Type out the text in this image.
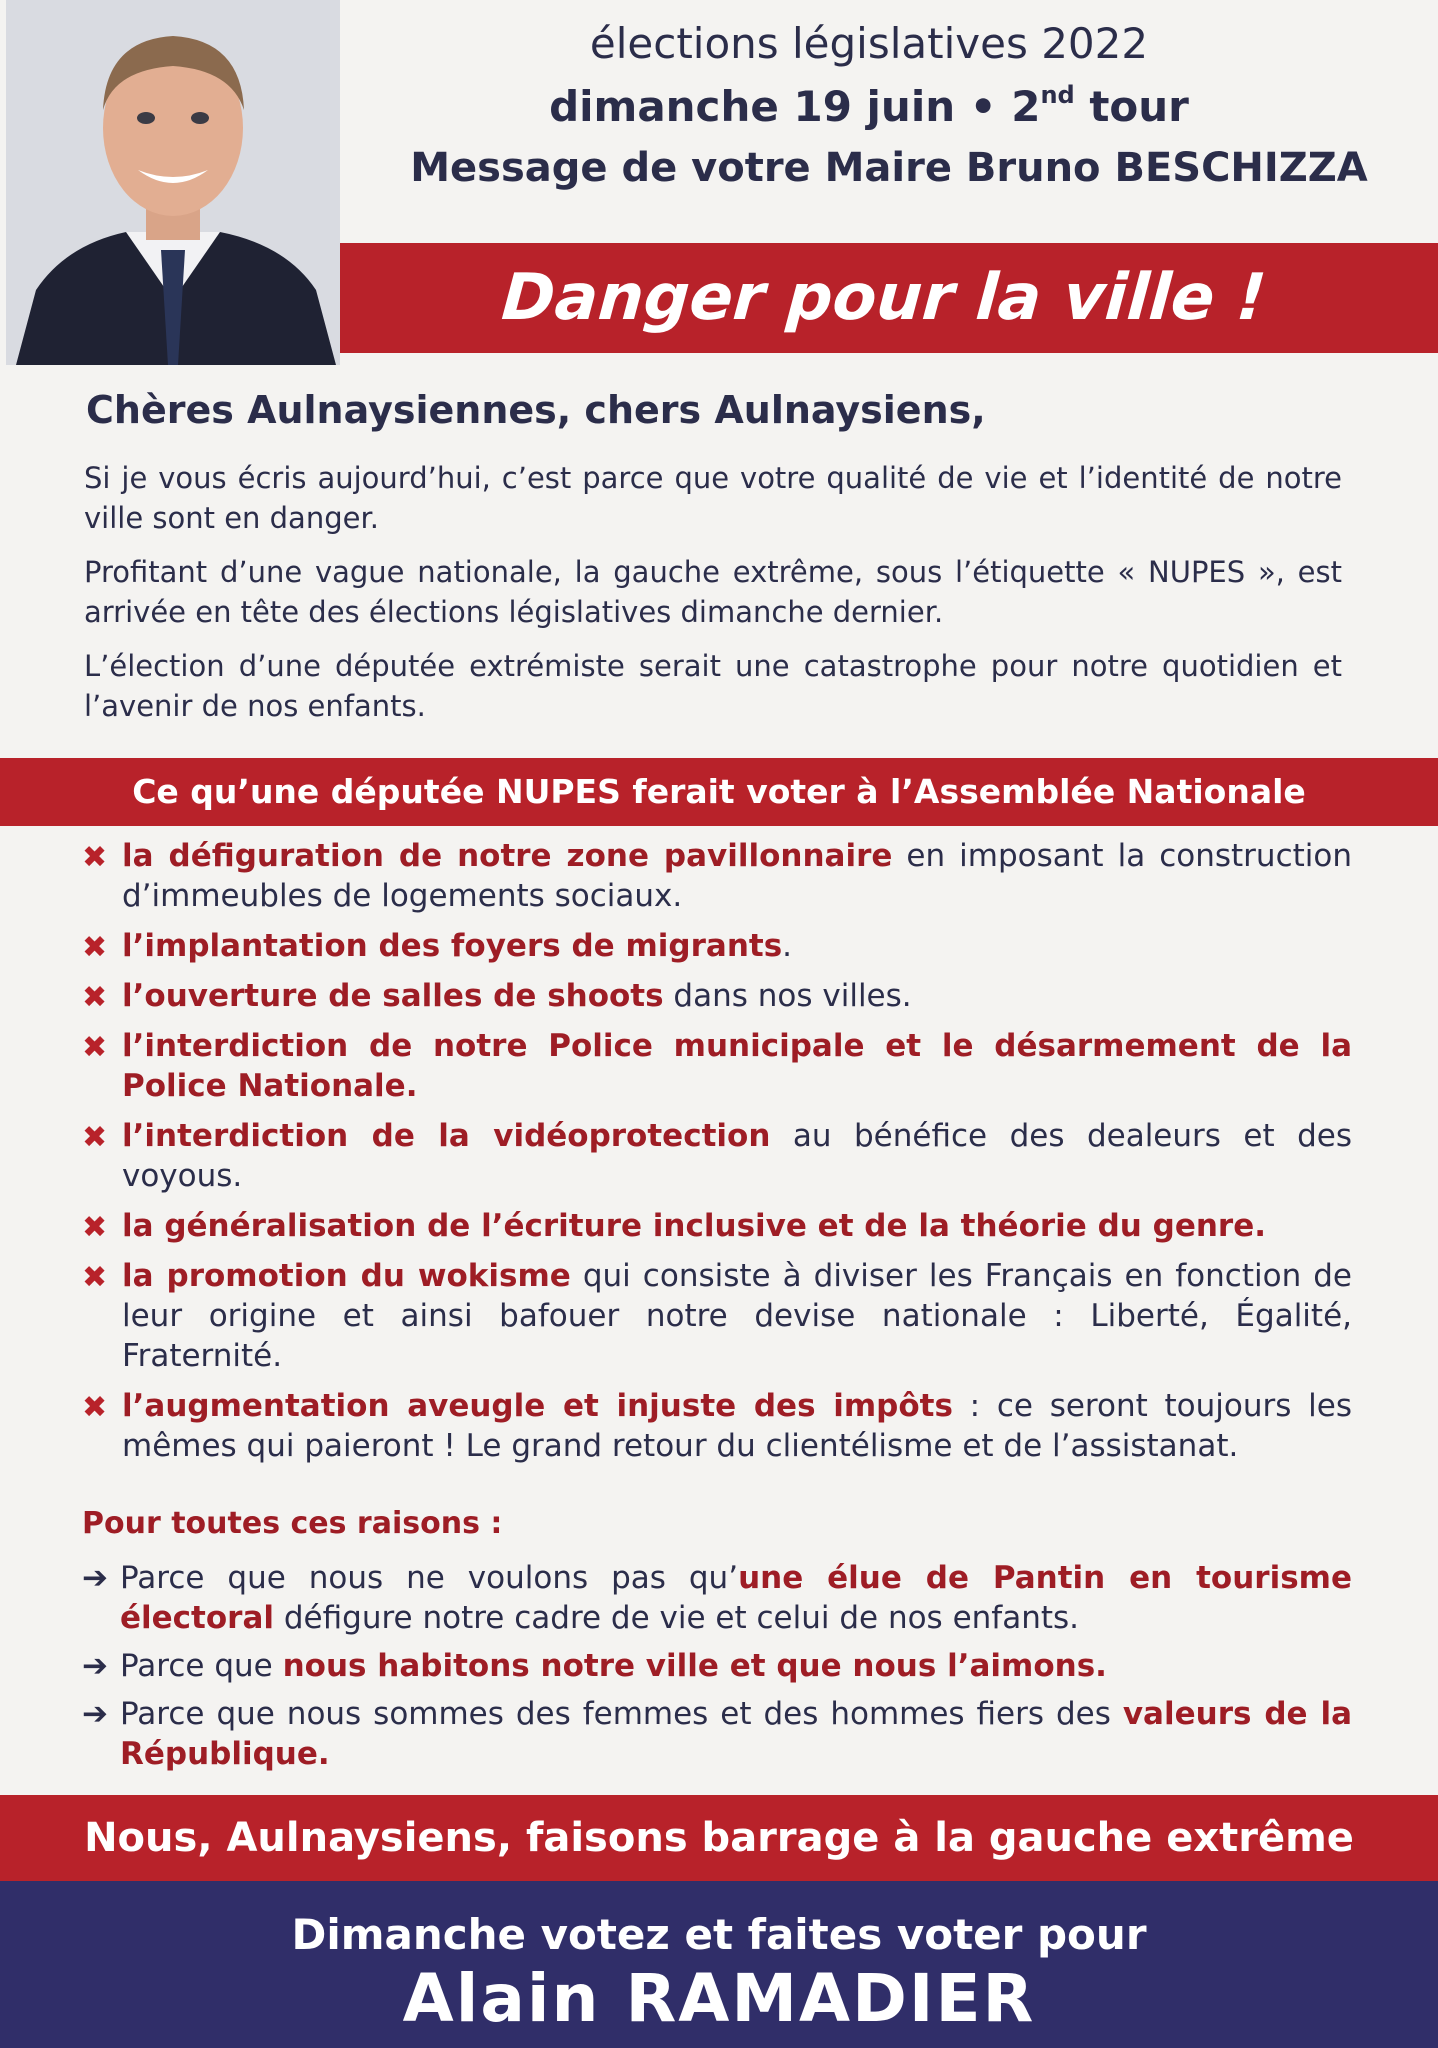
élections législatives 2022
dimanche 19 juin • 2nd tour
Message de votre Maire Bruno BESCHIZZA
Danger pour la ville !
Chères Aulnaysiennes, chers Aulnaysiens,

Si je vous écris aujourd’hui, c’est parce que votre qualité de vie et l’identité de notre ville sont en danger.

Profitant d’une vague nationale, la gauche extrême, sous l’étiquette « NUPES », est arrivée en tête des élections législatives dimanche dernier.

L’élection d’une députée extrémiste serait une catastrophe pour notre quotidien et l’avenir de nos enfants.

Ce qu’une députée NUPES ferait voter à l’Assemblée Nationale
✖ la défiguration de notre zone pavillonnaire en imposant la construction d’immeubles de logements sociaux.
✖ l’implantation des foyers de migrants.
✖ l’ouverture de salles de shoots dans nos villes.
✖ l’interdiction de notre Police municipale et le désarmement de la Police Nationale.
✖ l’interdiction de la vidéoprotection au bénéfice des dealeurs et des voyous.
✖ la généralisation de l’écriture inclusive et de la théorie du genre.
✖ la promotion du wokisme qui consiste à diviser les Français en fonction de leur origine et ainsi bafouer notre devise nationale : Liberté, Égalité, Fraternité.
✖ l’augmentation aveugle et injuste des impôts : ce seront toujours les mêmes qui paieront ! Le grand retour du clientélisme et de l’assistanat.
Pour toutes ces raisons :
➔ Parce que nous ne voulons pas qu’une élue de Pantin en tourisme électoral défigure notre cadre de vie et celui de nos enfants.
➔ Parce que nous habitons notre ville et que nous l’aimons.
➔ Parce que nous sommes des femmes et des hommes fiers des valeurs de la République.
Nous, Aulnaysiens, faisons barrage à la gauche extrême
Dimanche votez et faites voter pour
Alain RAMADIER
